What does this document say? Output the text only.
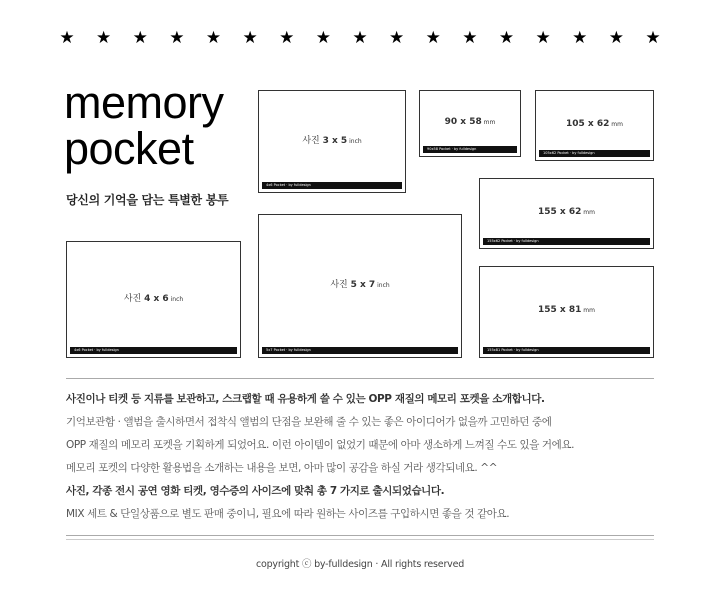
★ ★ ★ ★ ★ ★ ★ ★ ★ ★ ★ ★ ★ ★ ★ ★ ★
memory
pocket
당신의 기억을 담는 특별한 봉투
사진 3 x 5 inch
4x6 Pocket · by fulldesign
90 x 58 mm
90x58 Pocket · by fulldesign
105 x 62 mm
105x62 Pocket · by fulldesign
155 x 62 mm
155x62 Pocket · by fulldesign
사진 4 x 6 inch
4x6 Pocket · by fulldesign
사진 5 x 7 inch
5x7 Pocket · by fulldesign
155 x 81 mm
155x81 Pocket · by fulldesign

사진이나 티켓 등 지류를 보관하고, 스크랩할 때 유용하게 쓸 수 있는 OPP 재질의 메모리 포켓을 소개합니다.

기억보관함 · 앨범을 출시하면서 접착식 앨범의 단점을 보완해 줄 수 있는 좋은 아이디어가 없을까 고민하던 중에

OPP 재질의 메모리 포켓을 기획하게 되었어요. 이런 아이템이 없었기 때문에 아마 생소하게 느껴질 수도 있을 거에요.

메모리 포켓의 다양한 활용법을 소개하는 내용을 보면, 아마 많이 공감을 하실 거라 생각되네요. ^^

사진, 각종 전시 공연 영화 티켓, 영수증의 사이즈에 맞춰 총 7 가지로 출시되었습니다.

MIX 세트 & 단일상품으로 별도 판매 중이니, 필요에 따라 원하는 사이즈를 구입하시면 좋을 것 같아요.

copyright ⓒ by-fulldesign · All rights reserved
